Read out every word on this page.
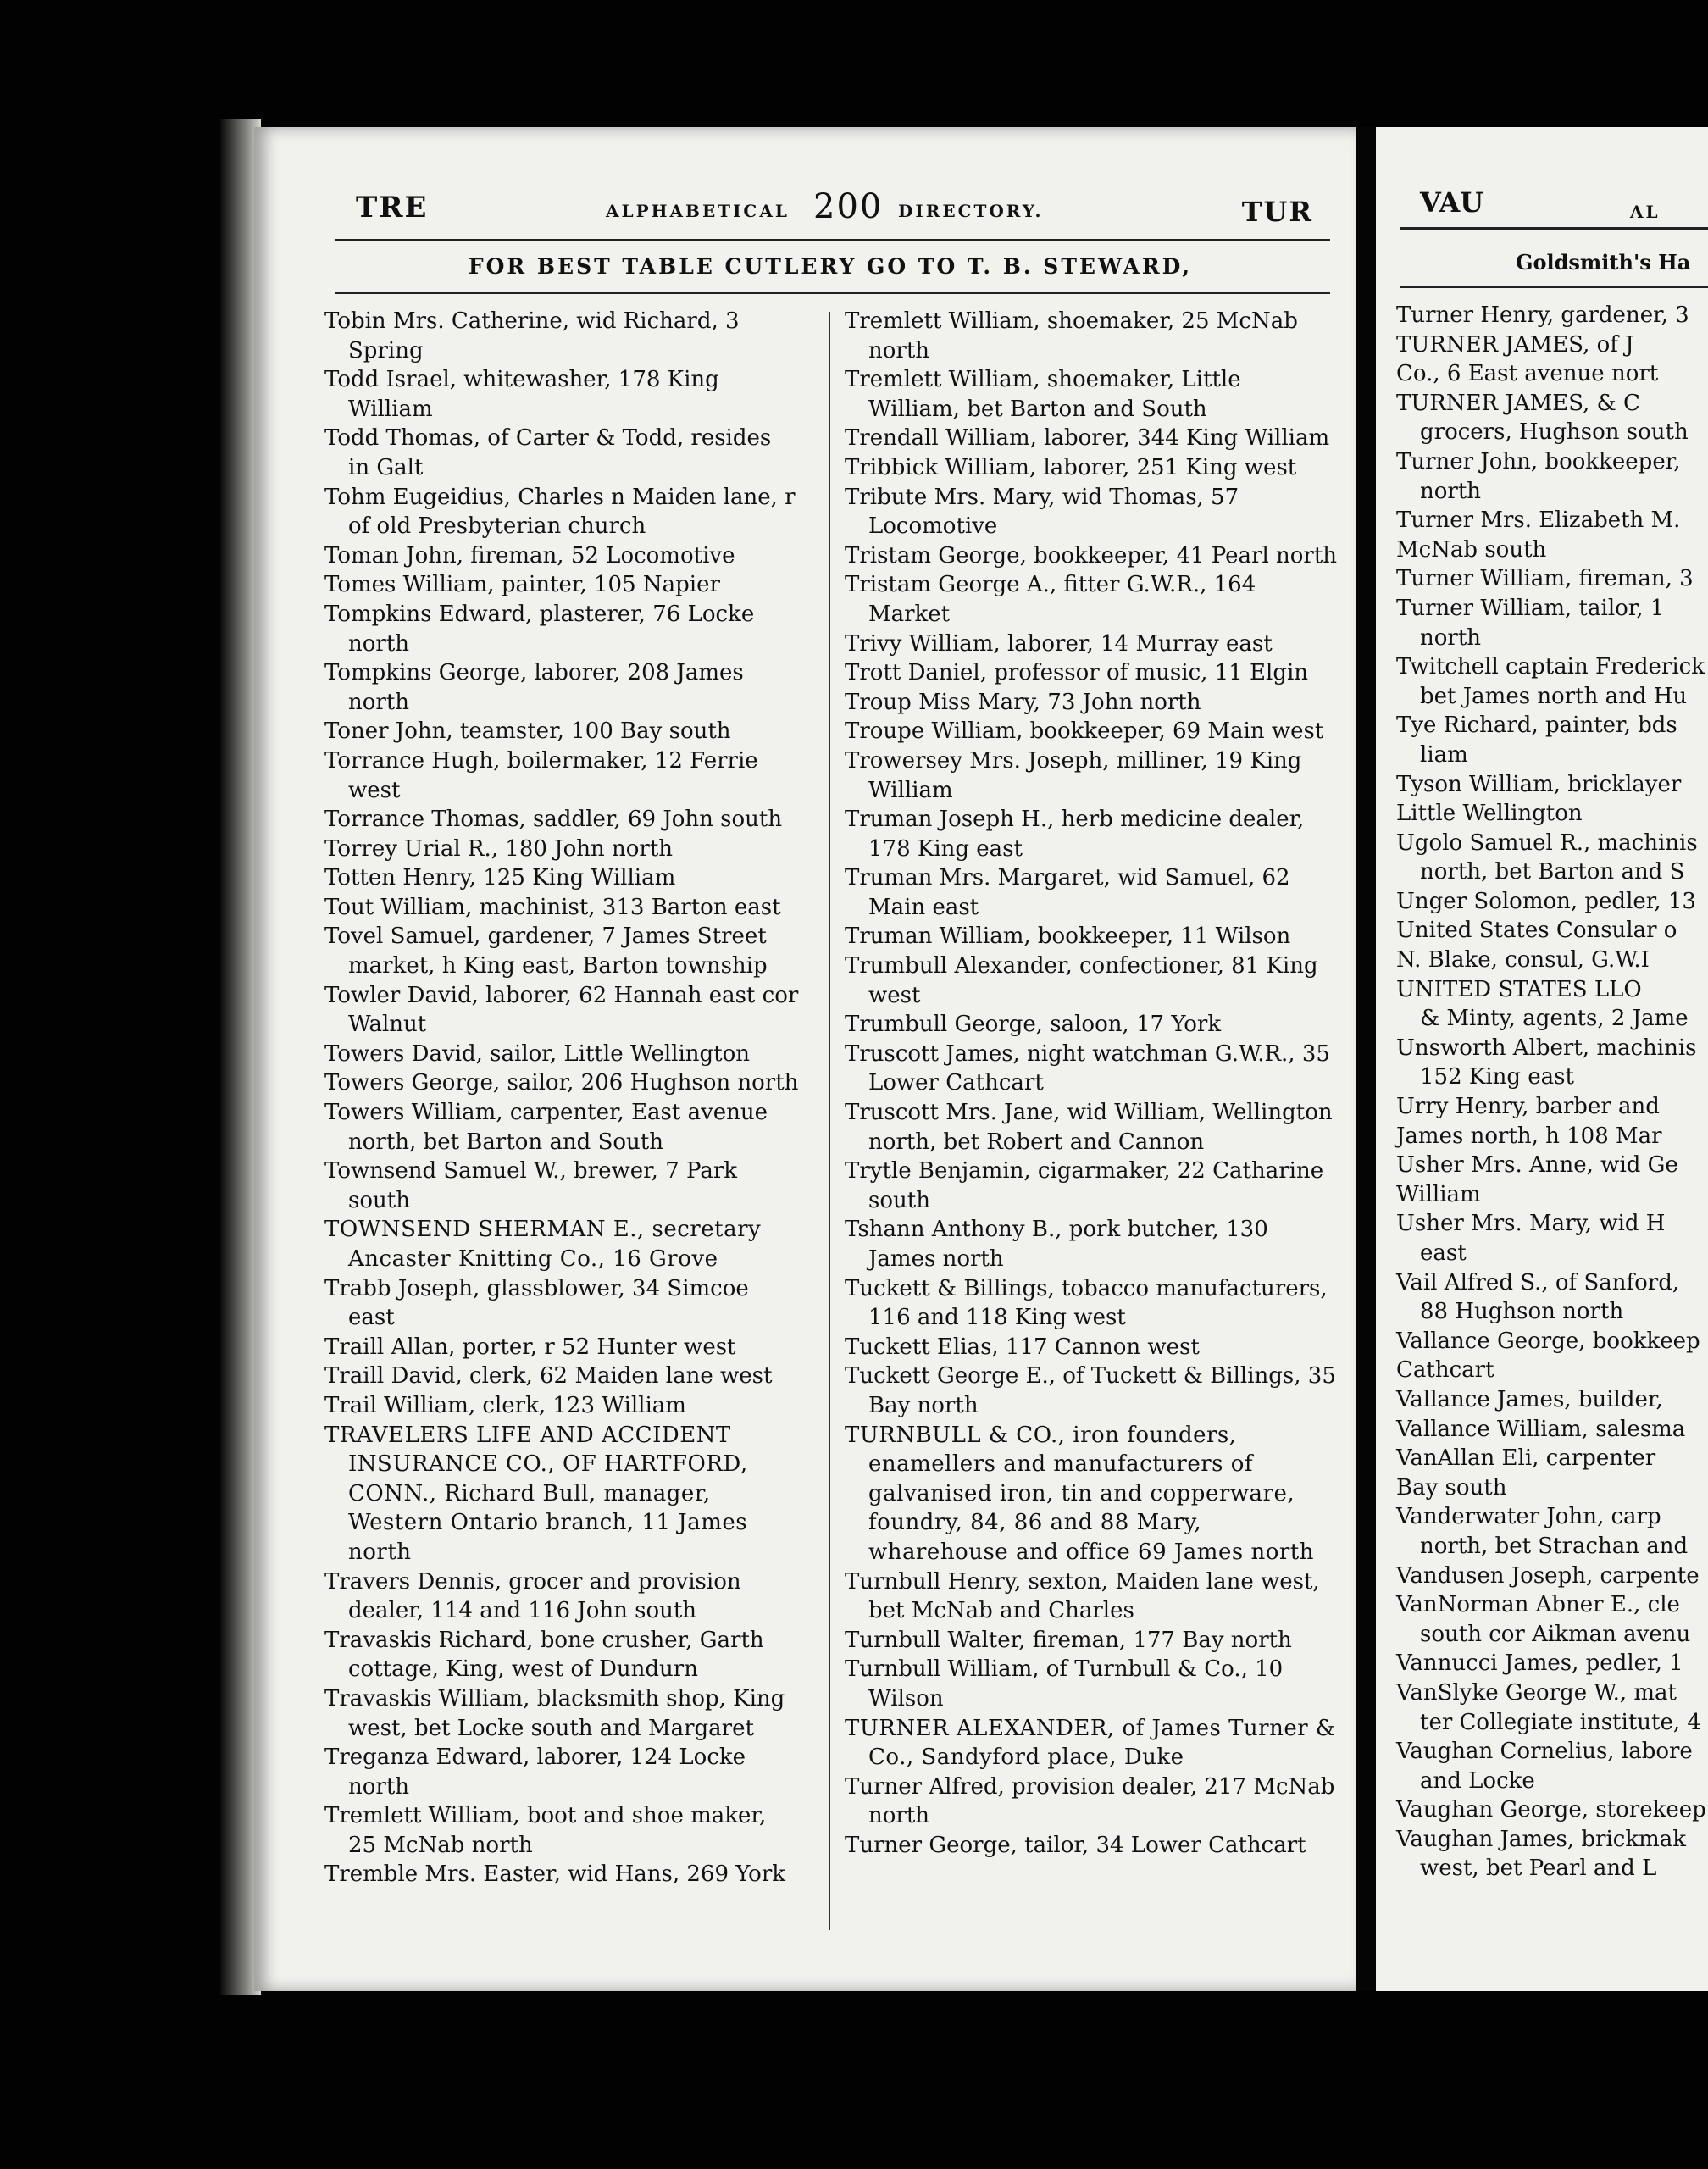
TRE	ALPHABETICAL 200 DIRECTORY.	TUR
FOR BEST TABLE CUTLERY GO TO T. B. STEWARD,

Tobin Mrs. Catherine, wid Richard, 3 Spring

Todd Israel, whitewasher, 178 King William

Todd Thomas, of Carter & Todd, resides in Galt

Tohm Eugeidius, Charles n Maiden lane, r of old Presbyterian church

Toman John, fireman, 52 Locomotive

Tomes William, painter, 105 Napier

Tompkins Edward, plasterer, 76 Locke north

Tompkins George, laborer, 208 James north

Toner John, teamster, 100 Bay south

Torrance Hugh, boilermaker, 12 Ferrie west

Torrance Thomas, saddler, 69 John south

Torrey Urial R., 180 John north

Totten Henry, 125 King William

Tout William, machinist, 313 Barton east

Tovel Samuel, gardener, 7 James Street market, h King east, Barton township

Towler David, laborer, 62 Hannah east cor Walnut

Towers David, sailor, Little Wellington

Towers George, sailor, 206 Hughson north

Towers William, carpenter, East avenue north, bet Barton and South

Townsend Samuel W., brewer, 7 Park south

TOWNSEND SHERMAN E., secretary Ancaster Knitting Co., 16 Grove

Trabb Joseph, glassblower, 34 Simcoe east

Traill Allan, porter, r 52 Hunter west

Traill David, clerk, 62 Maiden lane west

Trail William, clerk, 123 William

TRAVELERS LIFE AND ACCIDENT INSURANCE CO., OF HARTFORD, CONN., Richard Bull, manager, Western Ontario branch, 11 James north

Travers Dennis, grocer and provision dealer, 114 and 116 John south

Travaskis Richard, bone crusher, Garth cottage, King, west of Dundurn

Travaskis William, blacksmith shop, King west, bet Locke south and Margaret

Treganza Edward, laborer, 124 Locke north

Tremlett William, boot and shoe maker, 25 McNab north

Tremble Mrs. Easter, wid Hans, 269 York

Tremlett William, shoemaker, 25 McNab north

Tremlett William, shoemaker, Little William, bet Barton and South

Trendall William, laborer, 344 King William

Tribbick William, laborer, 251 King west

Tribute Mrs. Mary, wid Thomas, 57 Locomotive

Tristam George, bookkeeper, 41 Pearl north

Tristam George A., fitter G.W.R., 164 Market

Trivy William, laborer, 14 Murray east

Trott Daniel, professor of music, 11 Elgin

Troup Miss Mary, 73 John north

Troupe William, bookkeeper, 69 Main west

Trowersey Mrs. Joseph, milliner, 19 King William

Truman Joseph H., herb medicine dealer, 178 King east

Truman Mrs. Margaret, wid Samuel, 62 Main east

Truman William, bookkeeper, 11 Wilson

Trumbull Alexander, confectioner, 81 King west

Trumbull George, saloon, 17 York

Truscott James, night watchman G.W.R., 35 Lower Cathcart

Truscott Mrs. Jane, wid William, Wellington north, bet Robert and Cannon

Trytle Benjamin, cigarmaker, 22 Catharine south

Tshann Anthony B., pork butcher, 130 James north

Tuckett & Billings, tobacco manufacturers, 116 and 118 King west

Tuckett Elias, 117 Cannon west

Tuckett George E., of Tuckett & Billings, 35 Bay north

TURNBULL & CO., iron founders, enamellers and manufacturers of galvanised iron, tin and copperware, foundry, 84, 86 and 88 Mary, wharehouse and office 69 James north

Turnbull Henry, sexton, Maiden lane west, bet McNab and Charles

Turnbull Walter, fireman, 177 Bay north

Turnbull William, of Turnbull & Co., 10 Wilson

TURNER ALEXANDER, of James Turner & Co., Sandyford place, Duke

Turner Alfred, provision dealer, 217 McNab north

Turner George, tailor, 34 Lower Cathcart

VAU	AL
Goldsmith's Ha
Turner Henry, gardener, 3
TURNER JAMES, of J
Co., 6 East avenue nort
TURNER JAMES, & C
grocers, Hughson south
Turner John, bookkeeper,
north
Turner Mrs. Elizabeth M.
McNab south
Turner William, fireman, 3
Turner William, tailor, 1
north
Twitchell captain Frederick
bet James north and Hu
Tye Richard, painter, bds
liam
Tyson William, bricklayer
Little Wellington
Ugolo Samuel R., machinis
north, bet Barton and S
Unger Solomon, pedler, 13
United States Consular o
N. Blake, consul, G.W.I
UNITED STATES LLO
& Minty, agents, 2 Jame
Unsworth Albert, machinis
152 King east
Urry Henry, barber and
James north, h 108 Mar
Usher Mrs. Anne, wid Ge
William
Usher Mrs. Mary, wid H
east
Vail Alfred S., of Sanford,
88 Hughson north
Vallance George, bookkeep
Cathcart
Vallance James, builder,
Vallance William, salesma
VanAllan Eli, carpenter
Bay south
Vanderwater John, carp
north, bet Strachan and
Vandusen Joseph, carpente
VanNorman Abner E., cle
south cor Aikman avenu
Vannucci James, pedler, 1
VanSlyke George W., mat
ter Collegiate institute, 4
Vaughan Cornelius, labore
and Locke
Vaughan George, storekeep
Vaughan James, brickmak
west, bet Pearl and L
